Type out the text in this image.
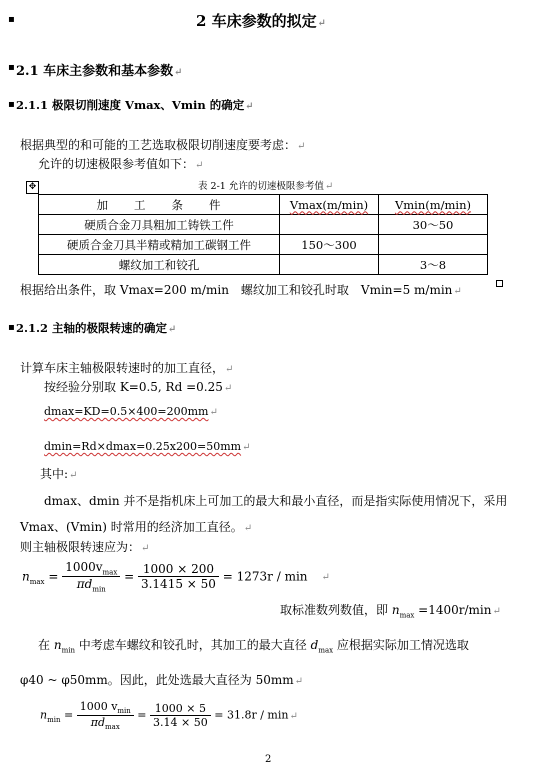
▪	2 车床参数的拟定↵
▪ 2.1 车床主参数和基本参数↵
▪ 2.1.1 极限切削速度 Vmax、Vmin 的确定↵
根据典型的和可能的工艺选取极限切削速度要考虑：↵
允许的切速极限参考值如下：↵
✥	表 2-1 允许的切速极限参考值↵
加　　工　　条　　件	Vmax(m/min)	Vmin(m/min)
硬质合金刀具粗加工铸铁工件		30～50
硬质合金刀具半精或精加工碳钢工件	150～300	
螺纹加工和铰孔		3～8
根据给出条件，取 Vmax=200 m/min　螺纹加工和铰孔时取　Vmin=5 m/min↵
▪ 2.1.2 主轴的极限转速的确定↵
计算车床主轴极限转速时的加工直径，↵
按经验分别取 K=0.5, Rd =0.25↵
dmax=KD=0.5×400=200mm↵
dmin=Rd×dmax=0.25x200=50mm↵
其中:↵
dmax、dmin 并不是指机床上可加工的最大和最小直径，而是指实际使用情况下，采用
Vmax、(Vmin) 时常用的经济加工直径。↵
则主轴极限转速应为：↵
$n_{max} = \frac{1000v_{max}}{\pi d_{min}} = \frac{1000 \times 200}{3.1415 \times 50} = 1273r / \min$ ↵
取标准数列数值，即 $n_{max}$ =1400r/min↵
在 $n_{min}$ 中考虑车螺纹和铰孔时，其加工的最大直径 $d_{max}$ 应根据实际加工情况选取
φ40 ~ φ50mm。因此，此处选最大直径为 50mm↵
$n_{min} = \frac{1000 v_{min}}{\pi d_{max}} = \frac{1000 \times 5}{3.14 \times 50} = 31.8r$ / min↵
2
